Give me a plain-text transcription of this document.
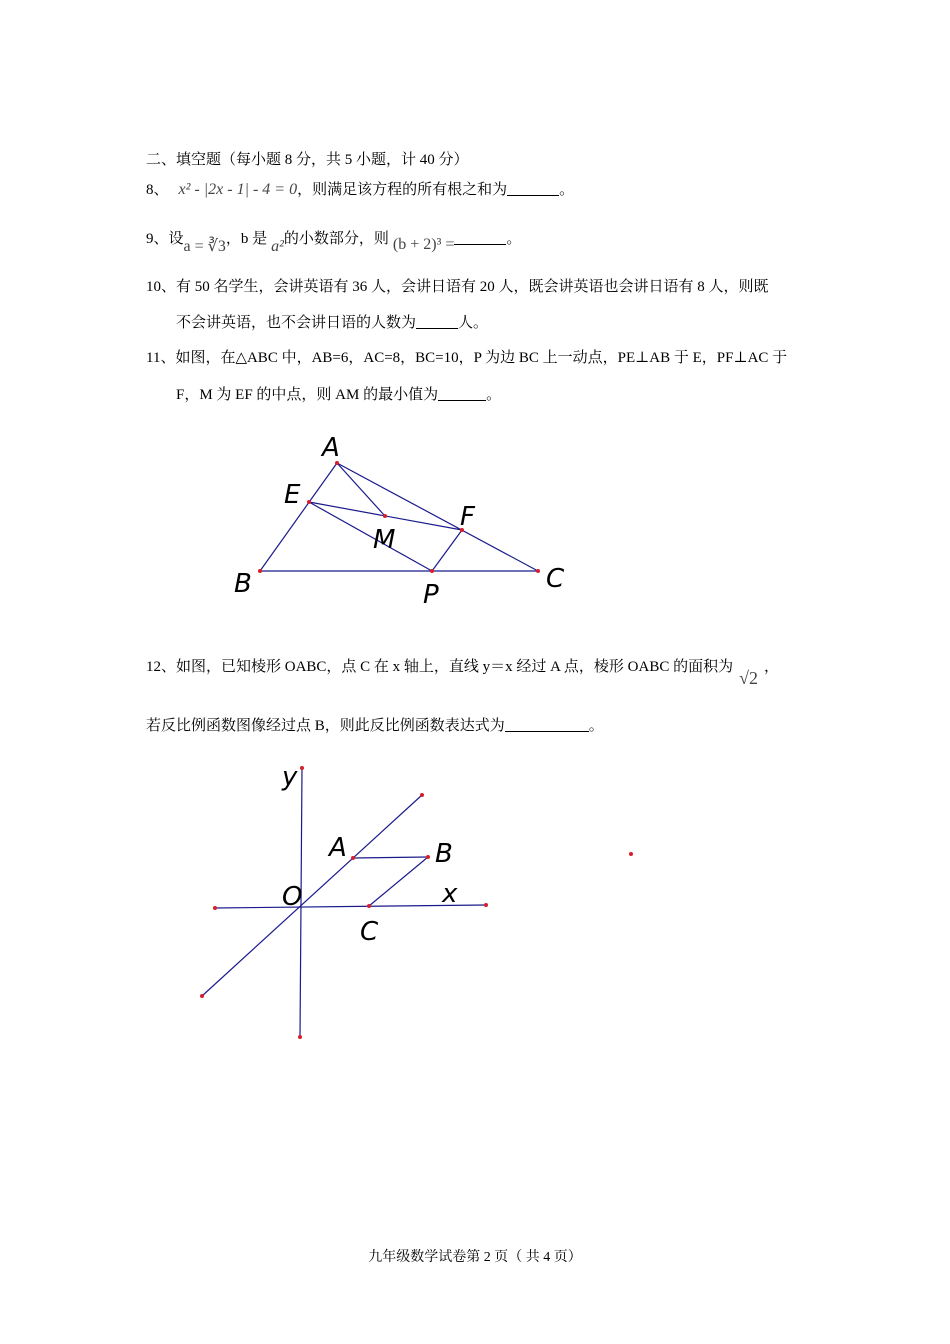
二、填空题（每小题 8 分，共 5 小题，计 40 分）
8、 x² - |2x - 1| - 4 = 0，则满足该方程的所有根之和为	。
9、设a = ∛3，b 是 a²的小数部分，则 (b + 2)³ =	。
10、有 50 名学生，会讲英语有 36 人，会讲日语有 20 人，既会讲英语也会讲日语有 8 人，则既
不会讲英语，也不会讲日语的人数为	人。
11、如图，在△ABC 中，AB=6，AC=8，BC=10，P 为边 BC 上一动点，PE⊥AB 于 E，PF⊥AC 于
F，M 为 EF 的中点，则 AM 的最小值为	。
A
E
F
M
B	C
P
12、如图，已知棱形 OABC，点 C 在 x 轴上，直线 y＝x 经过 A 点，棱形 OABC 的面积为√2，
若反比例函数图像经过点 B，则此反比例函数表达式为	。
y
A	B
O	x
C
九年级数学试卷第 2 页（ 共 4 页）
